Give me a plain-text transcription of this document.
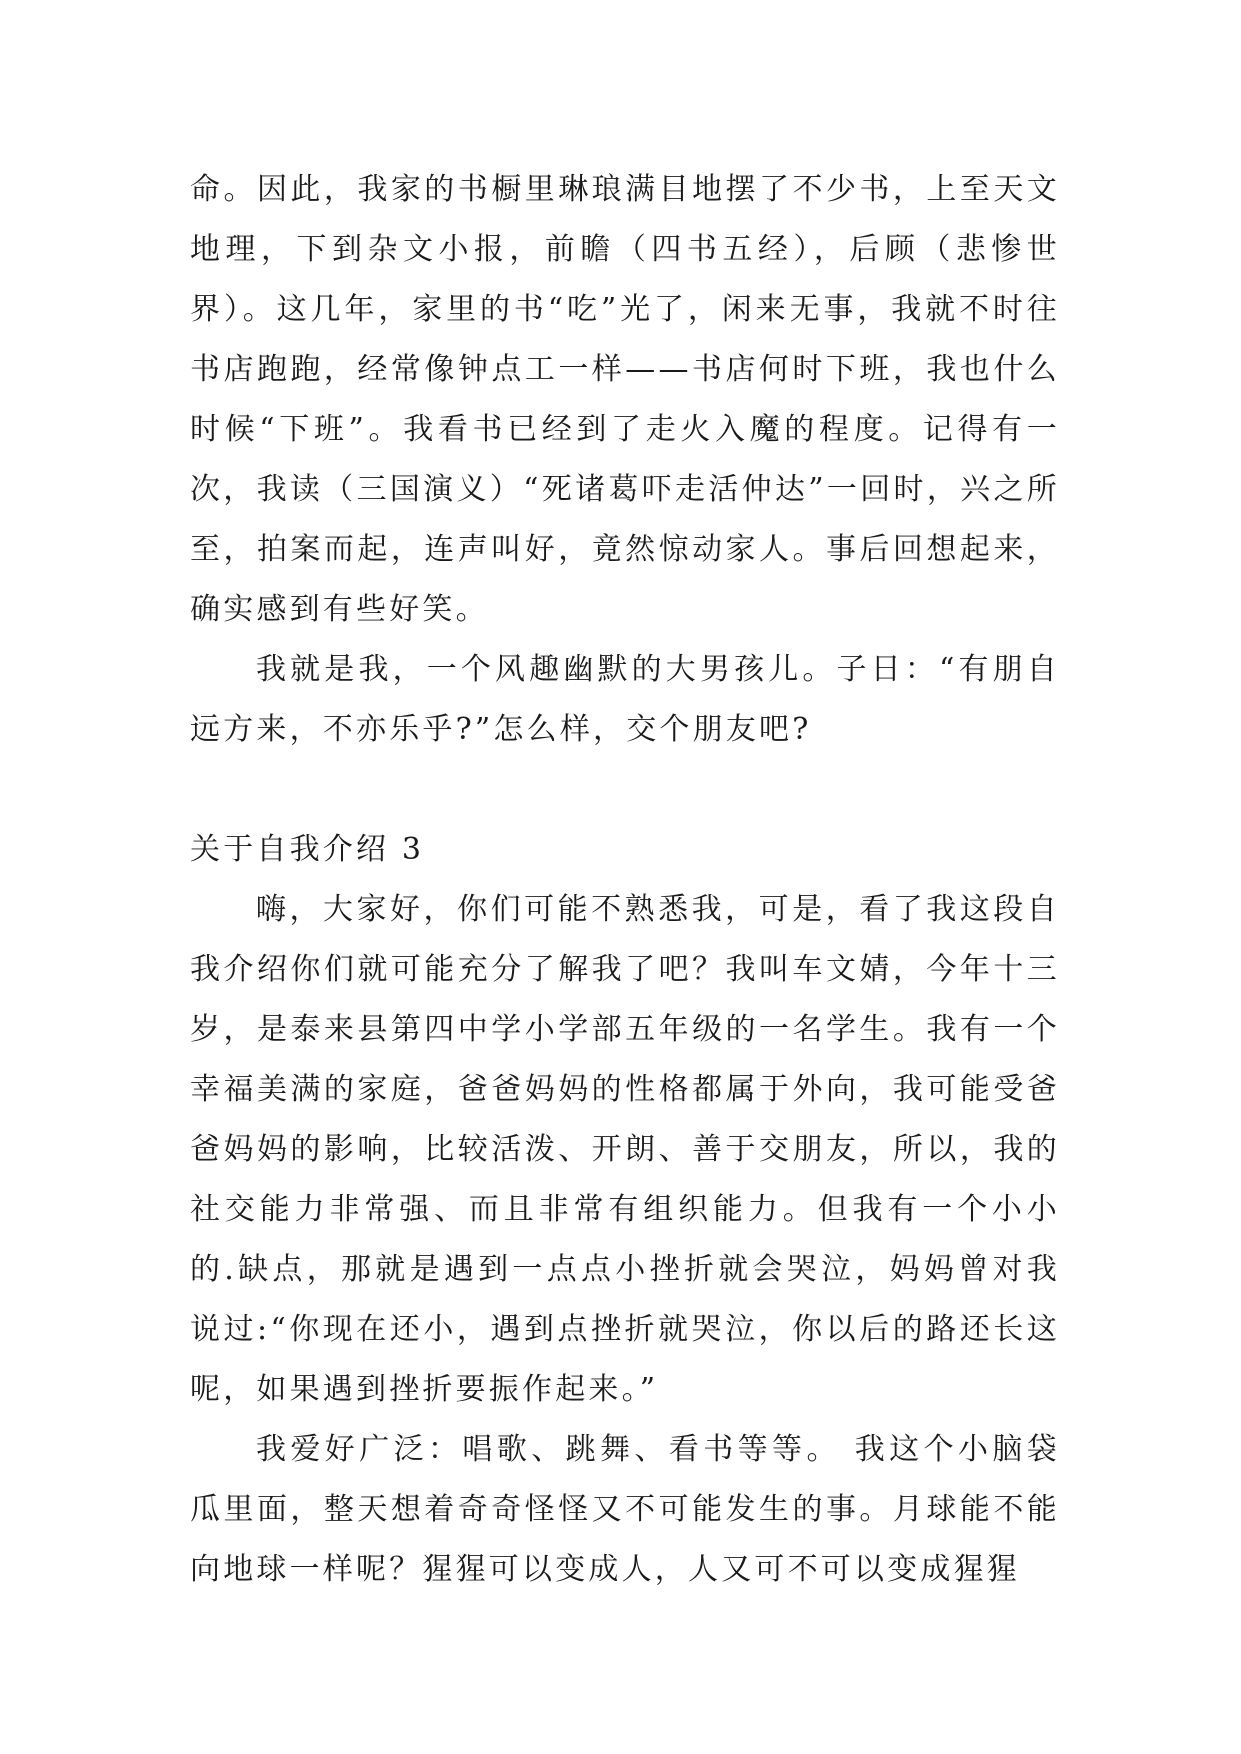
命。因此，我家的书橱里琳琅满目地摆了不少书，上至天文地理，下到杂文小报，前瞻（四书五经），后顾（悲惨世界）。这几年，家里的书“吃”光了，闲来无事，我就不时往书店跑跑，经常像钟点工一样——书店何时下班，我也什么时候“下班”。我看书已经到了走火入魔的程度。记得有一次，我读（三国演义）“死诸葛吓走活仲达”一回时，兴之所至，拍案而起，连声叫好，竟然惊动家人。事后回想起来，确实感到有些好笑。

我就是我，一个风趣幽默的大男孩儿。子日：“有朋自远方来，不亦乐乎?”怎么样，交个朋友吧?

关于自我介绍 3

嗨，大家好，你们可能不熟悉我，可是，看了我这段自我介绍你们就可能充分了解我了吧？我叫车文婧，今年十三岁，是泰来县第四中学小学部五年级的一名学生。我有一个幸福美满的家庭，爸爸妈妈的性格都属于外向，我可能受爸爸妈妈的影响，比较活泼、开朗、善于交朋友，所以，我的社交能力非常强、而且非常有组织能力。但我有一个小小的.缺点，那就是遇到一点点小挫折就会哭泣，妈妈曾对我说过:“你现在还小，遇到点挫折就哭泣，你以后的路还长这呢，如果遇到挫折要振作起来。”

我爱好广泛：唱歌、跳舞、看书等等。 我这个小脑袋瓜里面，整天想着奇奇怪怪又不可能发生的事。月球能不能向地球一样呢？猩猩可以变成人，人又可不可以变成猩猩
